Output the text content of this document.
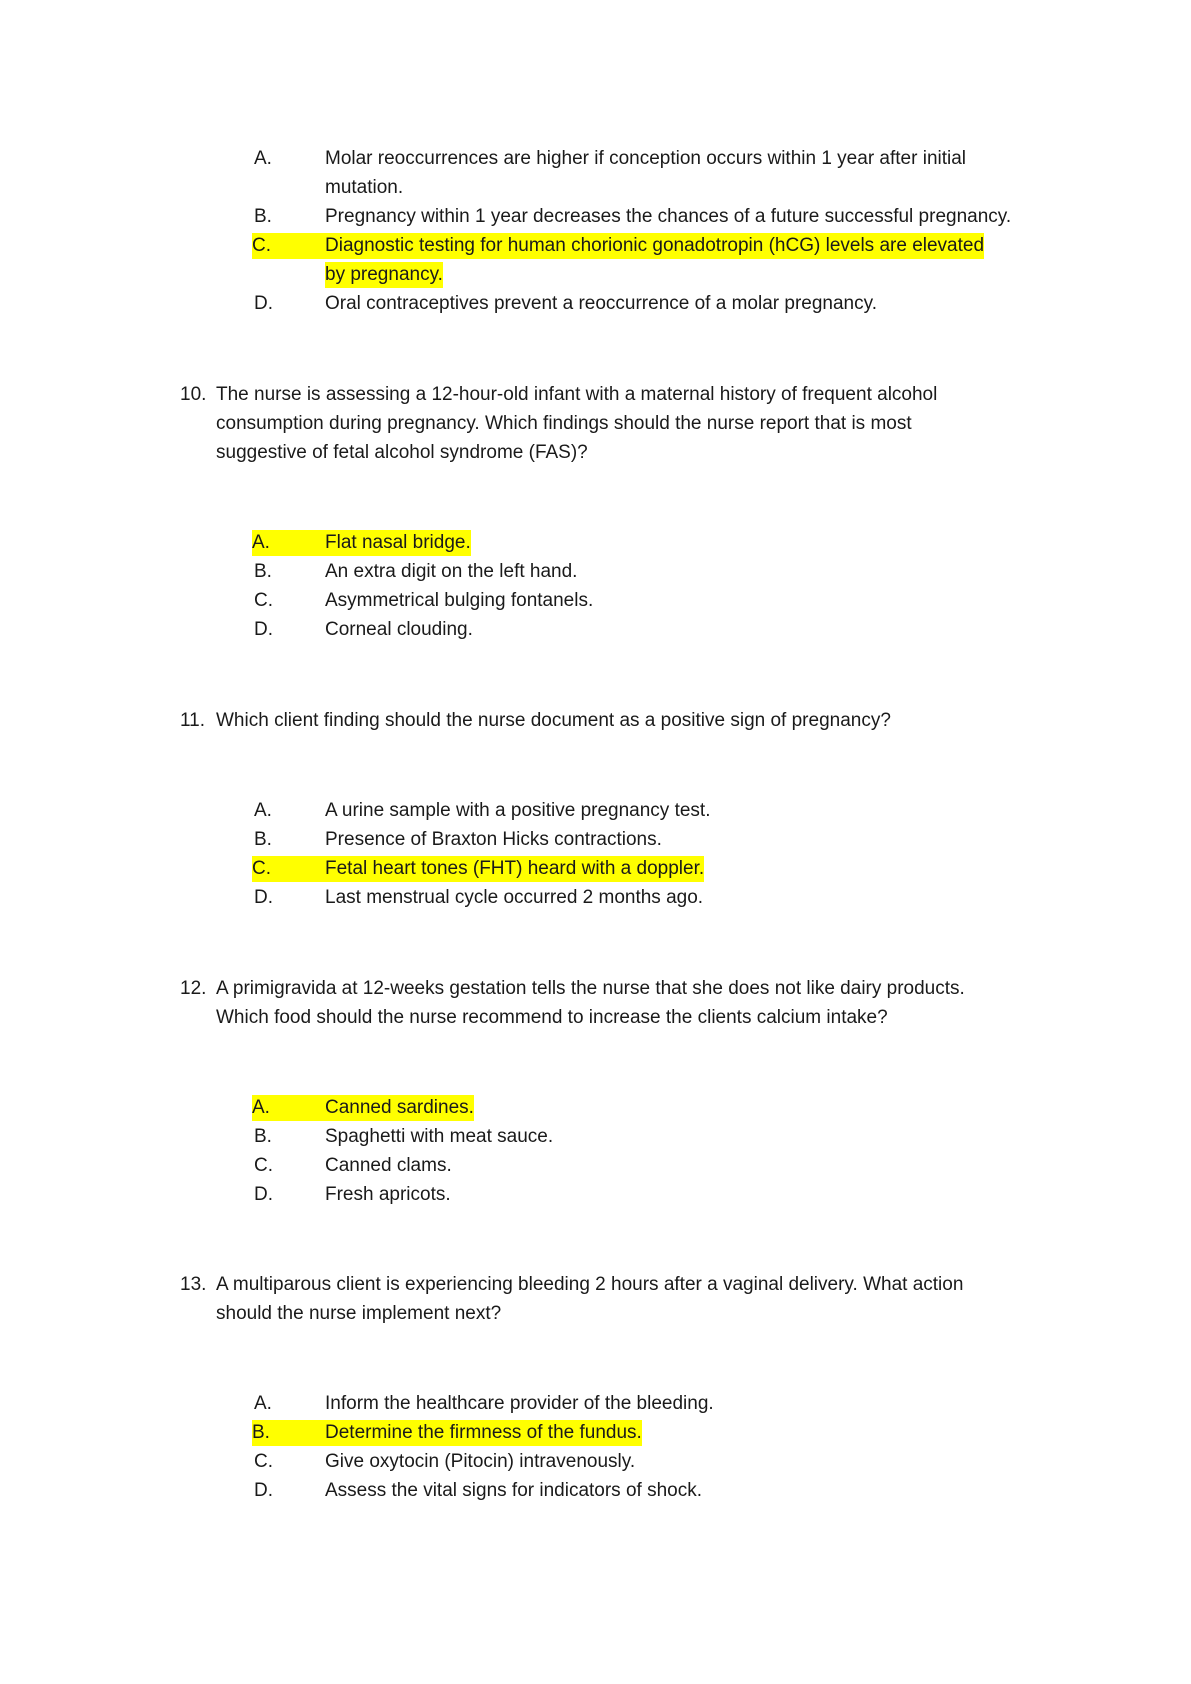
A.	Molar reoccurrences are higher if conception occurs within 1 year after initial
mutation.
B.	Pregnancy within 1 year decreases the chances of a future successful pregnancy.
C.	Diagnostic testing for human chorionic gonadotropin (hCG) levels are elevated
by pregnancy.
D.	Oral contraceptives prevent a reoccurrence of a molar pregnancy.
10. The nurse is assessing a 12-hour-old infant with a maternal history of frequent alcohol
consumption during pregnancy. Which findings should the nurse report that is most
suggestive of fetal alcohol syndrome (FAS)?
A.	Flat nasal bridge.
B.	An extra digit on the left hand.
C.	Asymmetrical bulging fontanels.
D.	Corneal clouding.
11. Which client finding should the nurse document as a positive sign of pregnancy?
A.	A urine sample with a positive pregnancy test.
B.	Presence of Braxton Hicks contractions.
C.	Fetal heart tones (FHT) heard with a doppler.
D.	Last menstrual cycle occurred 2 months ago.
12. A primigravida at 12-weeks gestation tells the nurse that she does not like dairy products.
Which food should the nurse recommend to increase the clients calcium intake?
A.	Canned sardines.
B.	Spaghetti with meat sauce.
C.	Canned clams.
D.	Fresh apricots.
13. A multiparous client is experiencing bleeding 2 hours after a vaginal delivery. What action
should the nurse implement next?
A.	Inform the healthcare provider of the bleeding.
B.	Determine the firmness of the fundus.
C.	Give oxytocin (Pitocin) intravenously.
D.	Assess the vital signs for indicators of shock.
